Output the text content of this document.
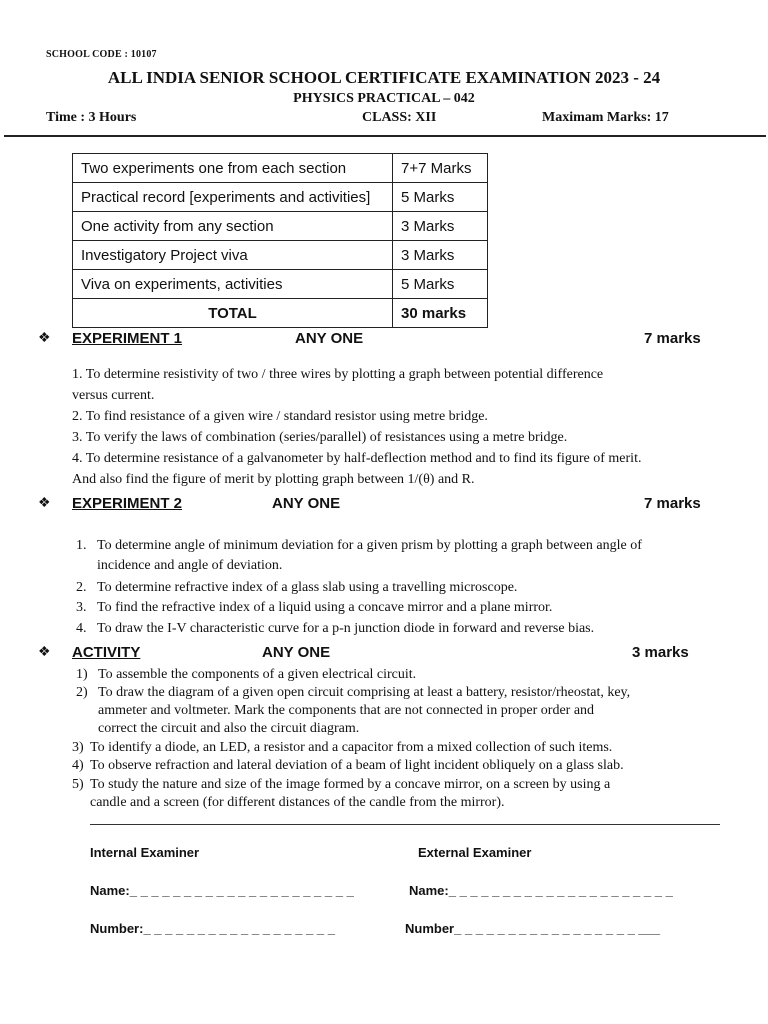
SCHOOL CODE : 10107
ALL INDIA SENIOR SCHOOL CERTIFICATE EXAMINATION 2023 - 24
PHYSICS PRACTICAL – 042
Time : 3 Hours	CLASS: XII	Maximam Marks: 17
Two experiments one from each section	7+7 Marks
Practical record [experiments and activities]	5 Marks
One activity from any section	3 Marks
Investigatory Project viva	3 Marks
Viva on experiments, activities	5 Marks
TOTAL	30 marks
❖ EXPERIMENT 1	ANY ONE	7 marks
1. To determine resistivity of two / three wires by plotting a graph between potential difference
versus current.
2. To find resistance of a given wire / standard resistor using metre bridge.
3. To verify the laws of combination (series/parallel) of resistances using a metre bridge.
4. To determine resistance of a galvanometer by half-deflection method and to find its figure of merit.
And also find the figure of merit by plotting graph between 1/(θ) and R.
❖ EXPERIMENT 2	ANY ONE	7 marks
1. To determine angle of minimum deviation for a given prism by plotting a graph between angle of
incidence and angle of deviation.
2. To determine refractive index of a glass slab using a travelling microscope.
3. To find the refractive index of a liquid using a concave mirror and a plane mirror.
4. To draw the I-V characteristic curve for a p-n junction diode in forward and reverse bias.
❖ ACTIVITY	ANY ONE	3 marks
1) To assemble the components of a given electrical circuit.
2) To draw the diagram of a given open circuit comprising at least a battery, resistor/rheostat, key,
ammeter and voltmeter. Mark the components that are not connected in proper order and
correct the circuit and also the circuit diagram.
3) To identify a diode, an LED, a resistor and a capacitor from a mixed collection of such items.
4) To observe refraction and lateral deviation of a beam of light incident obliquely on a glass slab.
5) To study the nature and size of the image formed by a concave mirror, on a screen by using a
candle and a screen (for different distances of the candle from the mirror).
Internal Examiner	External Examiner
Name:_ _ _ _ _ _ _ _ _ _ _ _ _ _ _ _ _ _ _ _ _	Name:_ _ _ _ _ _ _ _ _ _ _ _ _ _ _ _ _ _ _ _ _
Number:_ _ _ _ _ _ _ _ _ _ _ _ _ _ _ _ _ _	Number_ _ _ _ _ _ _ _ _ _ _ _ _ _ _ _ _ ___
